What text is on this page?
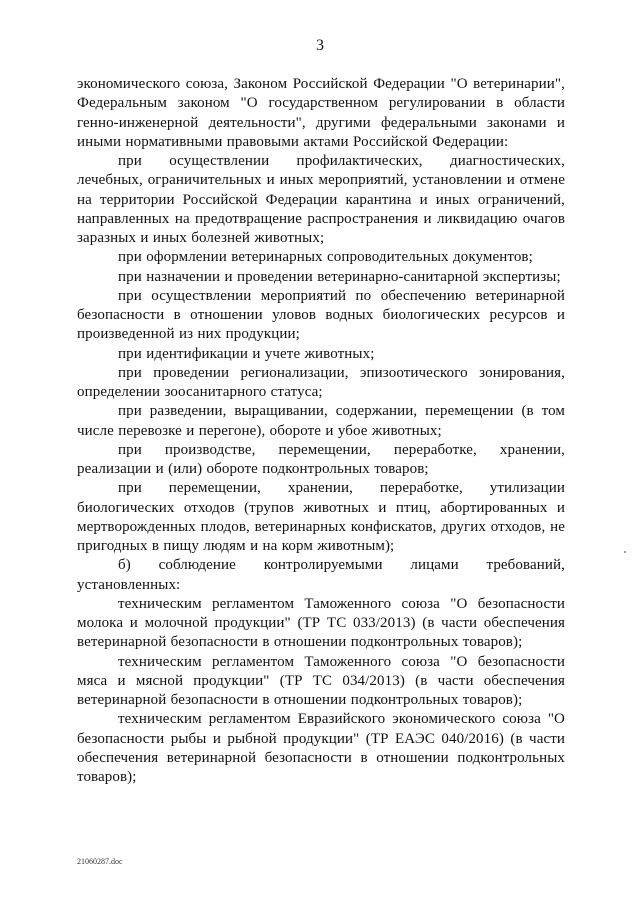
3

экономического союза, Законом Российской Федерации "О ветеринарии", Федеральным законом "О государственном регулировании в области генно-инженерной деятельности", другими федеральными законами и иными нормативными правовыми актами Российской Федерации:

при осуществлении профилактических, диагностических, лечебных, ограничительных и иных мероприятий, установлении и отмене на территории Российской Федерации карантина и иных ограничений, направленных на предотвращение распространения и ликвидацию очагов заразных и иных болезней животных;

при оформлении ветеринарных сопроводительных документов;

при назначении и проведении ветеринарно-санитарной экспертизы;

при осуществлении мероприятий по обеспечению ветеринарной безопасности в отношении уловов водных биологических ресурсов и произведенной из них продукции;

при идентификации и учете животных;

при проведении регионализации, эпизоотического зонирования, определении зоосанитарного статуса;

при разведении, выращивании, содержании, перемещении (в том числе перевозке и перегоне), обороте и убое животных;

при производстве, перемещении, переработке, хранении, реализации и (или) обороте подконтрольных товаров;

при перемещении, хранении, переработке, утилизации биологических отходов (трупов животных и птиц, абортированных и мертворожденных плодов, ветеринарных конфискатов, других отходов, не пригодных в пищу людям и на корм животным);

б) соблюдение контролируемыми лицами требований, установленных:

техническим регламентом Таможенного союза "О безопасности молока и молочной продукции" (ТР ТС 033/2013) (в части обеспечения ветеринарной безопасности в отношении подконтрольных товаров);

техническим регламентом Таможенного союза "О безопасности мяса и мясной продукции" (ТР ТС 034/2013) (в части обеспечения ветеринарной безопасности в отношении подконтрольных товаров);

техническим регламентом Евразийского экономического союза "О безопасности рыбы и рыбной продукции" (ТР ЕАЭС 040/2016) (в части обеспечения ветеринарной безопасности в отношении подконтрольных товаров);

21060287.doc
